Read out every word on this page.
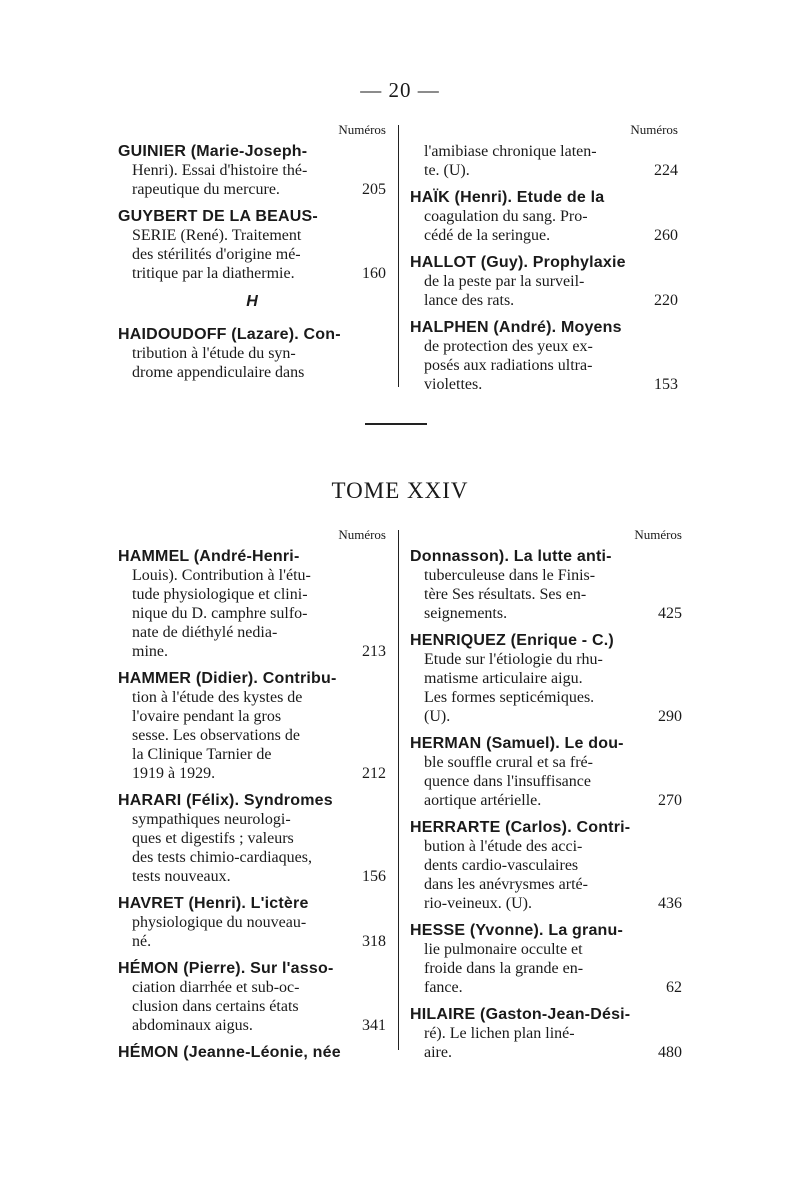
— 20 —
Numéros
GUINIER (Marie-Joseph-
Henri). Essai d'histoire thé-
rapeutique du mercure.	205
GUYBERT DE LA BEAUS-
SERIE (René). Traitement
des stérilités d'origine mé-
tritique par la diathermie.	160
H
HAIDOUDOFF (Lazare). Con-
tribution à l'étude du syn-
drome appendiculaire dans
Numéros
l'amibiase chronique laten-
te. (U).	224
HAÏK (Henri). Etude de la
coagulation du sang. Pro-
cédé de la seringue.	260
HALLOT (Guy). Prophylaxie
de la peste par la surveil-
lance des rats.	220
HALPHEN (André). Moyens
de protection des yeux ex-
posés aux radiations ultra-
violettes.	153
TOME XXIV
Numéros
HAMMEL (André-Henri-
Louis). Contribution à l'étu-
tude physiologique et clini-
nique du D. camphre sulfo-
nate de diéthylé nedia-
mine.	213
HAMMER (Didier). Contribu-
tion à l'étude des kystes de
l'ovaire pendant la gros
sesse. Les observations de
la Clinique Tarnier de
1919 à 1929.	212
HARARI (Félix). Syndromes
sympathiques neurologi-
ques et digestifs ; valeurs
des tests chimio-cardiaques,
tests nouveaux.	156
HAVRET (Henri). L'ictère
physiologique du nouveau-
né.	318
HÉMON (Pierre). Sur l'asso-
ciation diarrhée et sub-oc-
clusion dans certains états
abdominaux aigus.	341
HÉMON (Jeanne-Léonie, née
Numéros
Donnasson). La lutte anti-
tuberculeuse dans le Finis-
tère Ses résultats. Ses en-
seignements.	425
HENRIQUEZ (Enrique - C.)
Etude sur l'étiologie du rhu-
matisme articulaire aigu.
Les formes septicémiques.
(U).	290
HERMAN (Samuel). Le dou-
ble souffle crural et sa fré-
quence dans l'insuffisance
aortique artérielle.	270
HERRARTE (Carlos). Contri-
bution à l'étude des acci-
dents cardio-vasculaires
dans les anévrysmes arté-
rio-veineux. (U).	436
HESSE (Yvonne). La granu-
lie pulmonaire occulte et
froide dans la grande en-
fance.	62
HILAIRE (Gaston-Jean-Dési-
ré). Le lichen plan liné-
aire.	480
